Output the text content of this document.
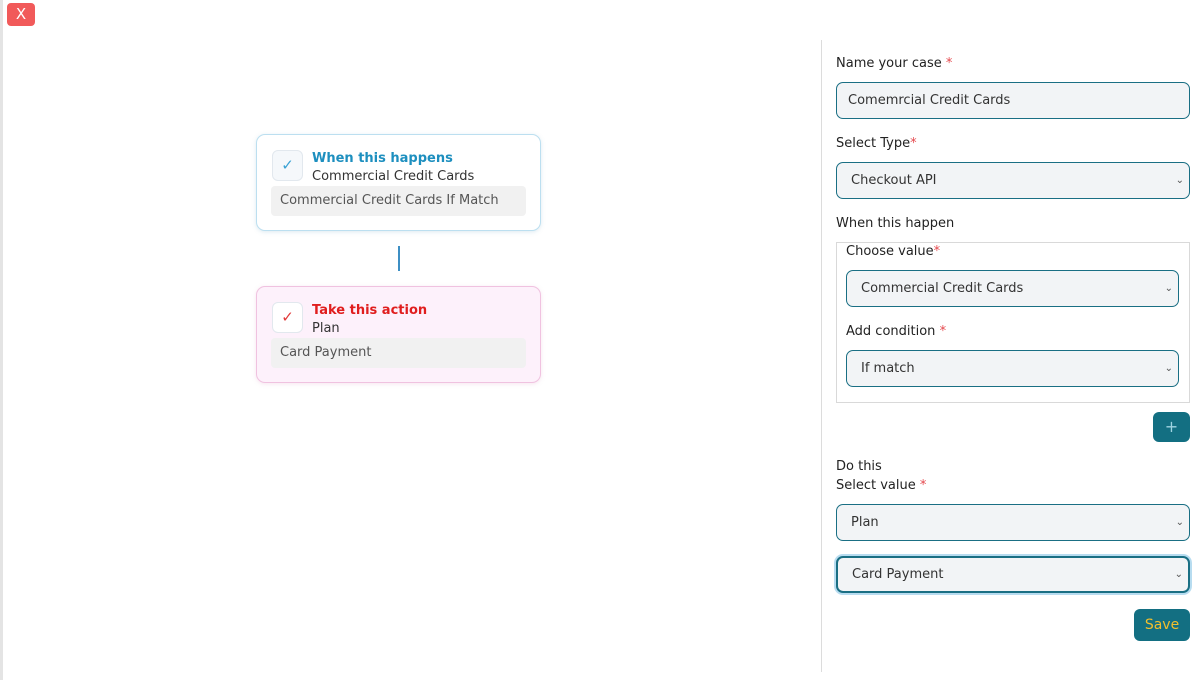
X
✓	When this happens
Commercial Credit Cards
Commercial Credit Cards If Match
✓	Take this action
Plan
Card Payment
Name your case *
Comemrcial Credit Cards
Select Type*
Checkout API	⌄
When this happen
Choose value*
Commercial Credit Cards	⌄
Add condition *
If match	⌄
+
Do this
Select value *
Plan	⌄
Card Payment	⌄
Save
